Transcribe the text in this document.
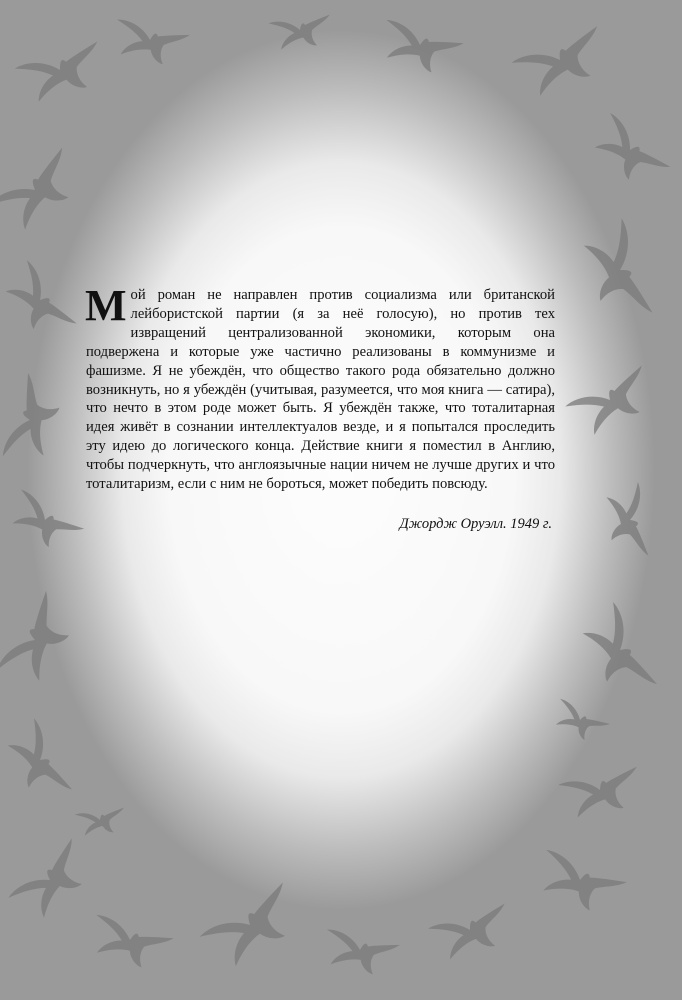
Мой роман не направлен против социализма или британской лейбористской партии (я за неё голосую), но против тех извращений централизованной экономики, которым она подвержена и которые уже частично реализованы в коммунизме и фашизме. Я не убеждён, что общество такого рода обязательно должно возникнуть, но я убеждён (учитывая, разумеется, что моя книга — сатира), что нечто в этом роде может быть. Я убеждён также, что тоталитарная идея живёт в сознании интеллектуалов везде, и я попытался проследить эту идею до логического конца. Действие книги я поместил в Англию, чтобы подчеркнуть, что англоязычные нации ничем не лучше других и что тоталитаризм, если с ним не бороться, может победить повсюду.

Джордж Оруэлл. 1949 г.
